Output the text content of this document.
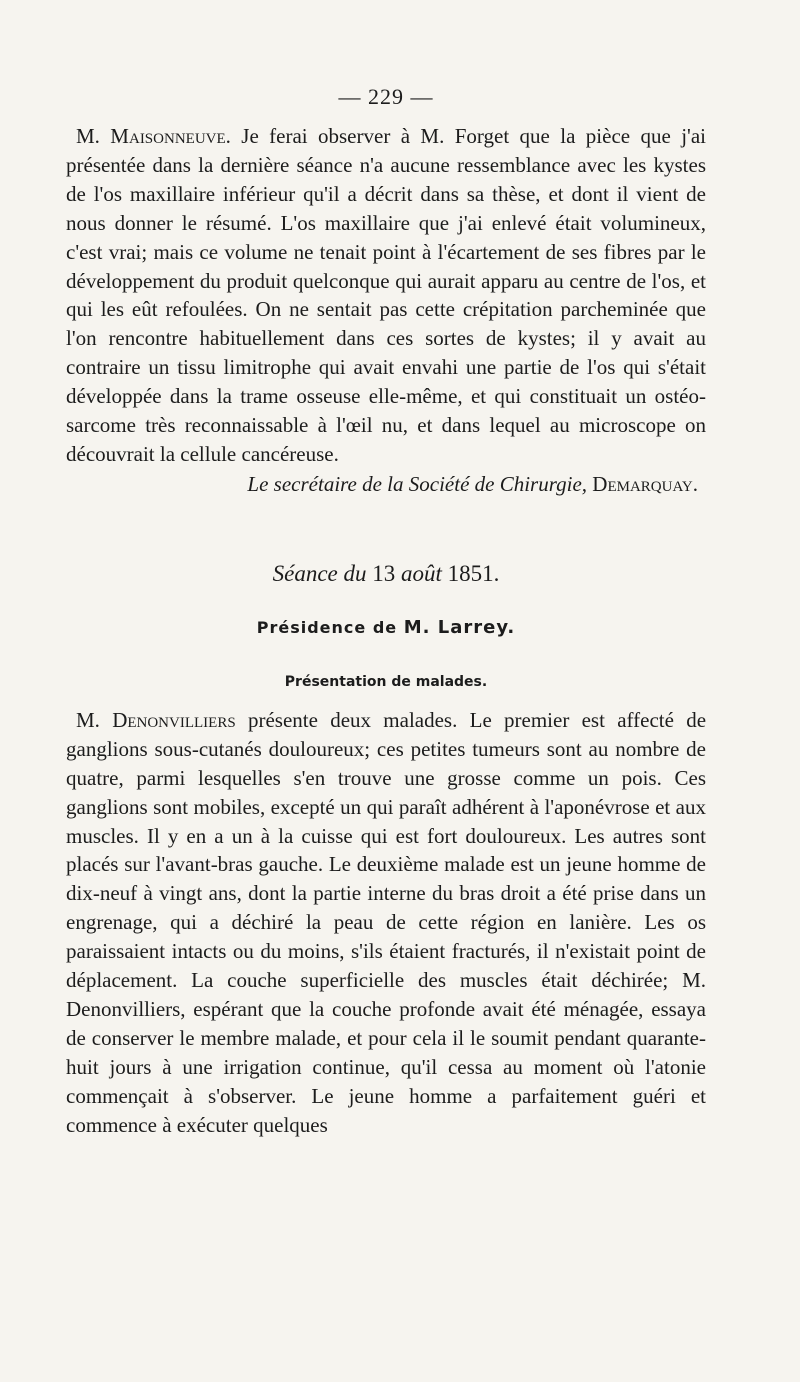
— 229 —

M. Maisonneuve. Je ferai observer à M. Forget que la pièce que j'ai présentée dans la dernière séance n'a aucune ressemblance avec les kystes de l'os maxillaire inférieur qu'il a décrit dans sa thèse, et dont il vient de nous donner le résumé. L'os maxillaire que j'ai enlevé était volumineux, c'est vrai; mais ce volume ne tenait point à l'écartement de ses fibres par le développement du produit quelconque qui aurait apparu au centre de l'os, et qui les eût refoulées. On ne sentait pas cette crépitation parcheminée que l'on rencontre habituellement dans ces sortes de kystes; il y avait au contraire un tissu limitrophe qui avait envahi une partie de l'os qui s'était développée dans la trame osseuse elle-même, et qui constituait un ostéo-sarcome très reconnaissable à l'œil nu, et dans lequel au microscope on découvrait la cellule cancéreuse.

Le secrétaire de la Société de Chirurgie, Demarquay.
Séance du 13 août 1851.
Présidence de M. Larrey.
Présentation de malades.

M. Denonvilliers présente deux malades. Le premier est affecté de ganglions sous-cutanés douloureux; ces petites tumeurs sont au nombre de quatre, parmi lesquelles s'en trouve une grosse comme un pois. Ces ganglions sont mobiles, excepté un qui paraît adhérent à l'aponévrose et aux muscles. Il y en a un à la cuisse qui est fort douloureux. Les autres sont placés sur l'avant-bras gauche. Le deuxième malade est un jeune homme de dix-neuf à vingt ans, dont la partie interne du bras droit a été prise dans un engrenage, qui a déchiré la peau de cette région en lanière. Les os paraissaient intacts ou du moins, s'ils étaient fracturés, il n'existait point de déplacement. La couche superficielle des muscles était déchirée; M. Denonvilliers, espérant que la couche profonde avait été ménagée, essaya de conserver le membre malade, et pour cela il le soumit pendant quarante-huit jours à une irrigation continue, qu'il cessa au moment où l'atonie commençait à s'observer. Le jeune homme a parfaitement guéri et commence à exécuter quelques
